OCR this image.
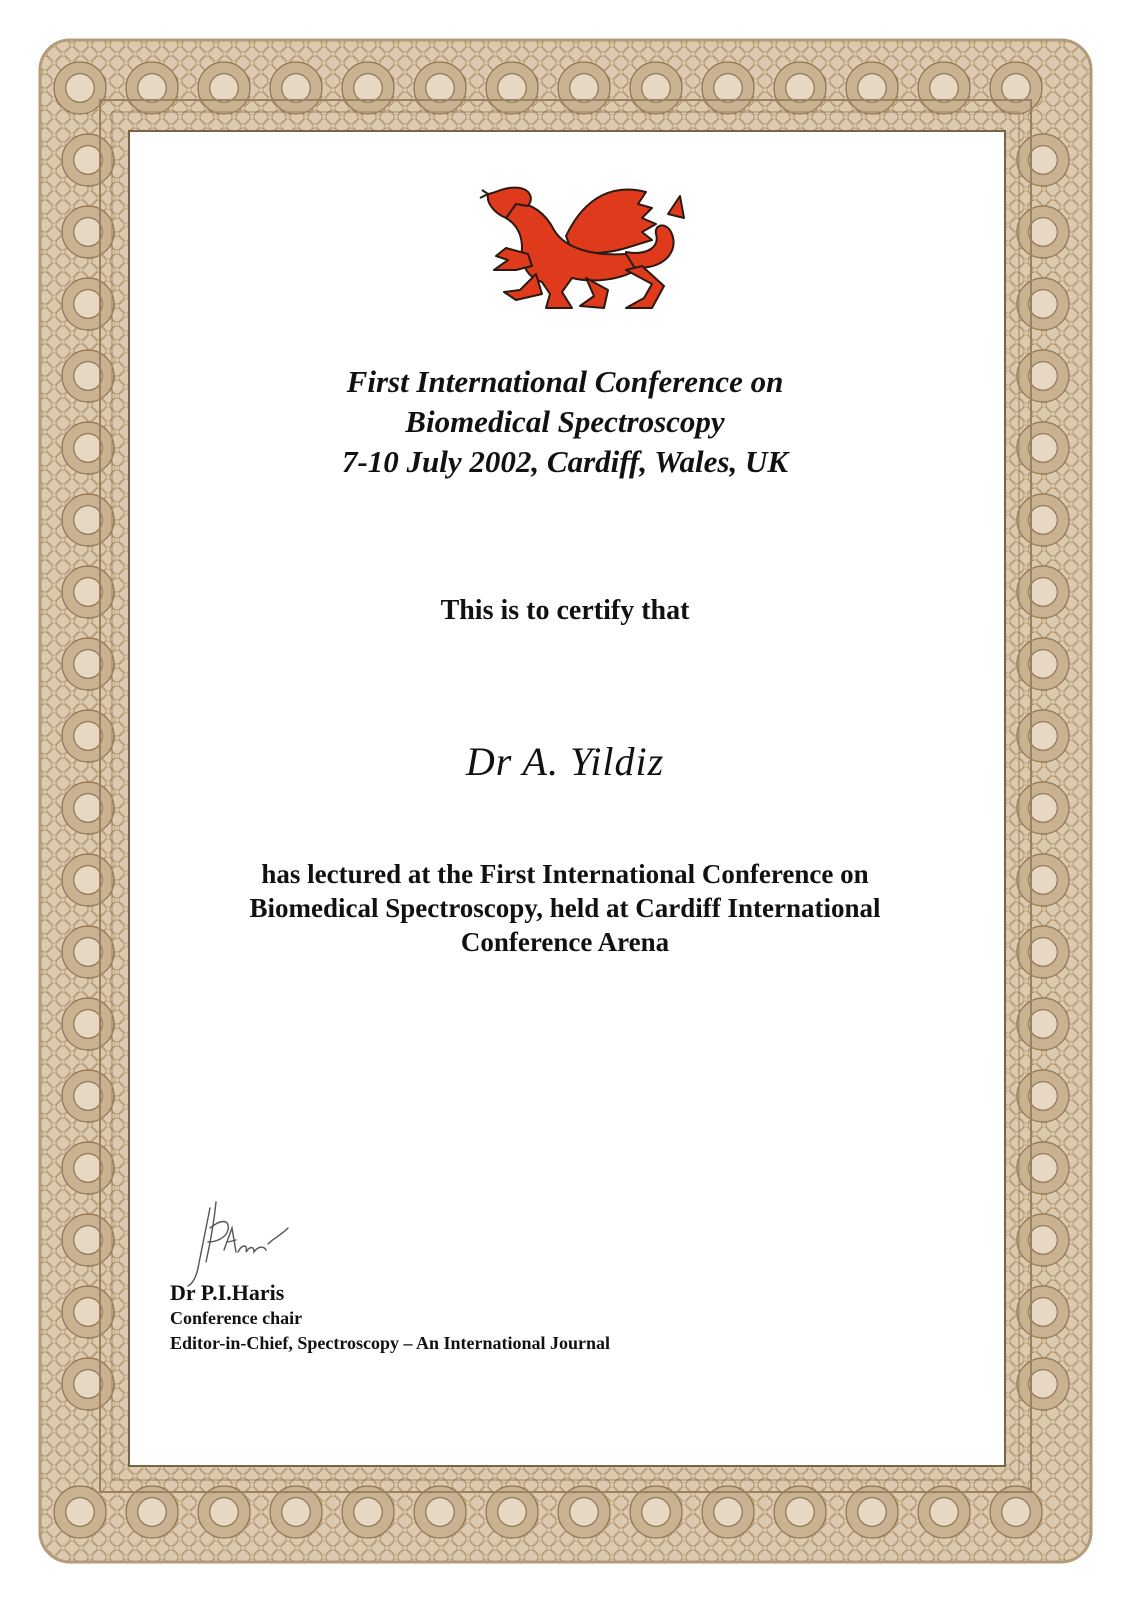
First International Conference on
Biomedical Spectroscopy
7-10 July 2002, Cardiff, Wales, UK
This is to certify that
Dr A. Yildiz
has lectured at the First International Conference on
Biomedical Spectroscopy, held at Cardiff International
Conference Arena
Dr P.I.Haris
Conference chair
Editor-in-Chief, Spectroscopy – An International Journal
